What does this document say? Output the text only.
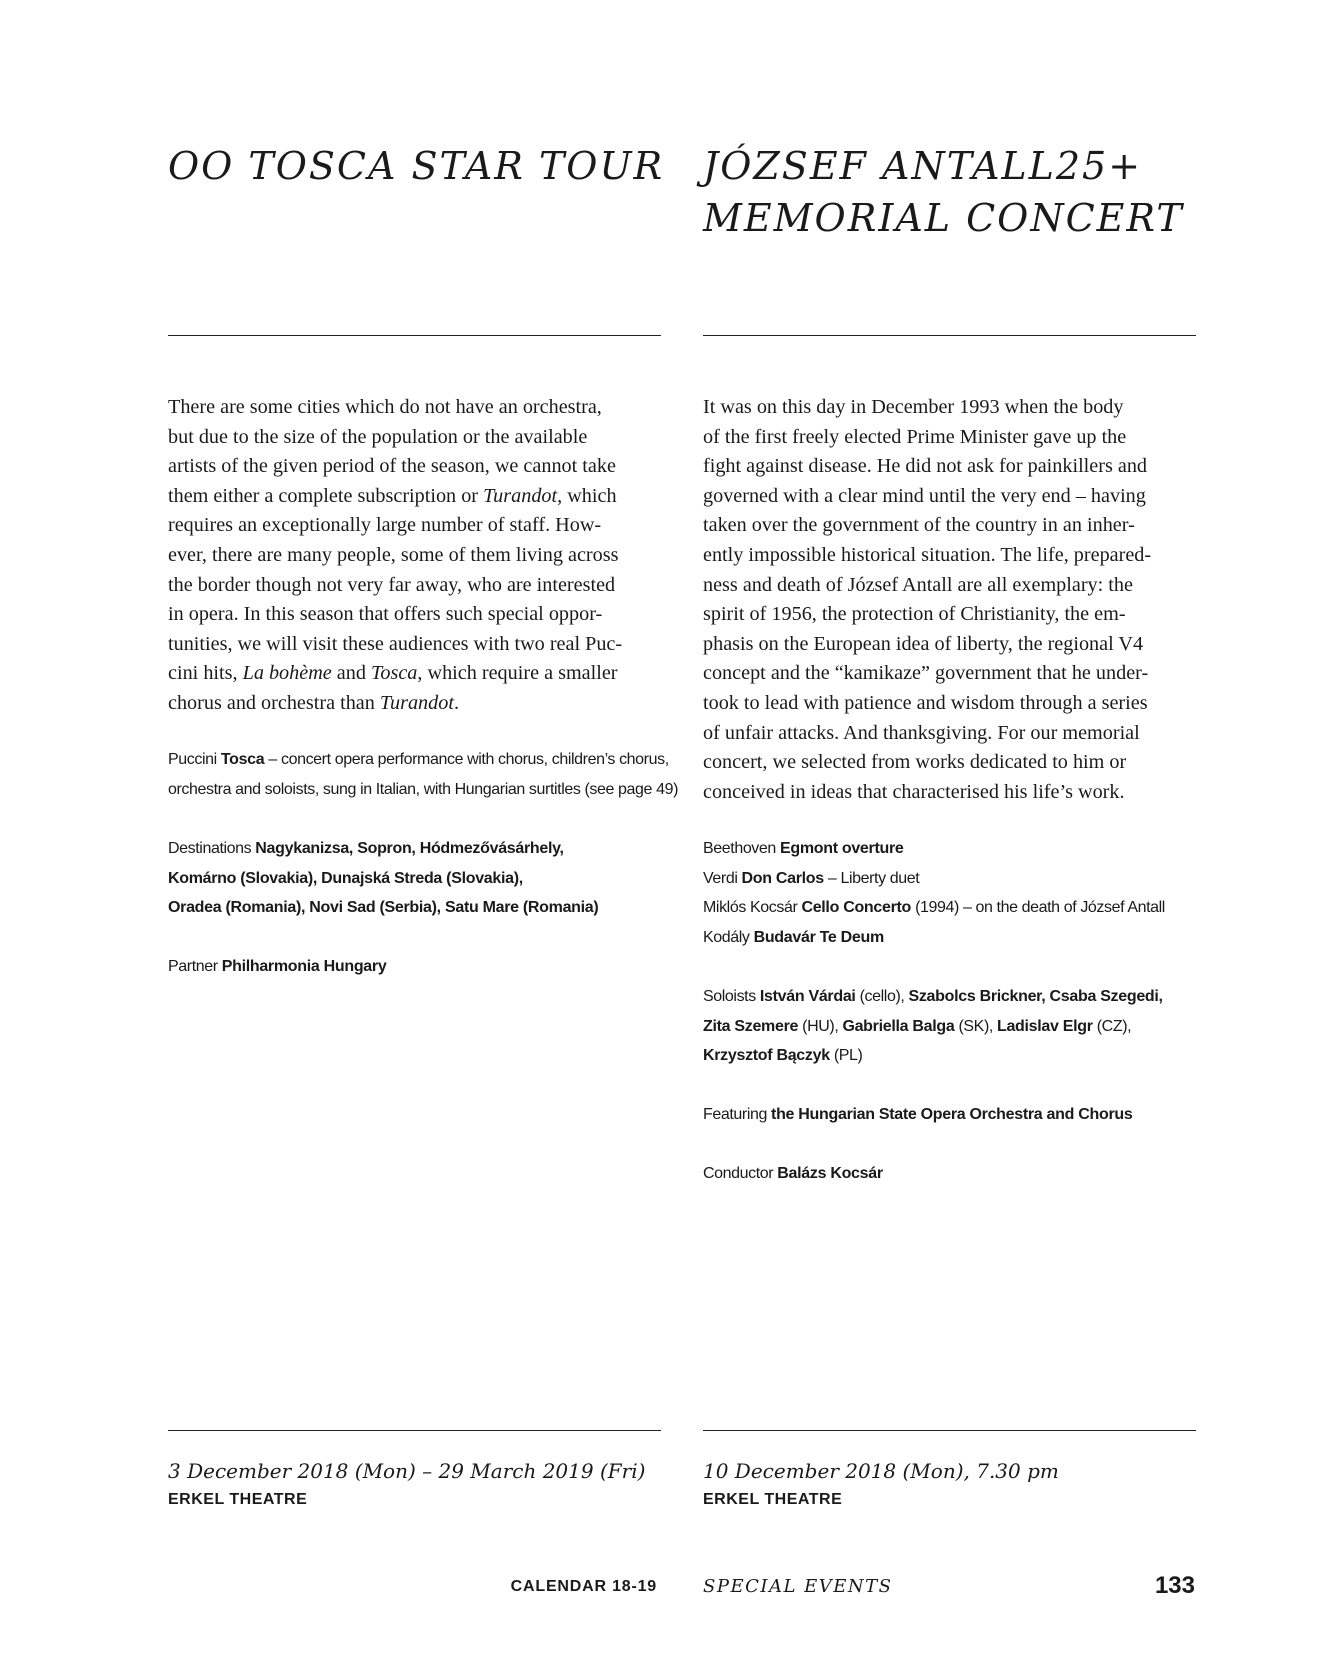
OO TOSCA STAR TOUR

There are some cities which do not have an orchestra,
but due to the size of the population or the available
artists of the given period of the season, we cannot take
them either a complete subscription or Turandot, which
requires an exceptionally large number of staff. How-
ever, there are many people, some of them living across
the border though not very far away, who are interested
in opera. In this season that offers such special oppor-
tunities, we will visit these audiences with two real Puc-
cini hits, La bohème and Tosca, which require a smaller
chorus and orchestra than Turandot.

Puccini Tosca – concert opera performance with chorus, children’s chorus,
orchestra and soloists, sung in Italian, with Hungarian surtitles (see page 49)

Destinations Nagykanizsa, Sopron, Hódmezővásárhely,
Komárno (Slovakia), Dunajská Streda (Slovakia),
Oradea (Romania), Novi Sad (Serbia), Satu Mare (Romania)

Partner Philharmonia Hungary

3 December 2018 (Mon) – 29 March 2019 (Fri)

ERKEL THEATRE

JÓZSEF ANTALL25+
MEMORIAL CONCERT

It was on this day in December 1993 when the body
of the first freely elected Prime Minister gave up the
fight against disease. He did not ask for painkillers and
governed with a clear mind until the very end – having
taken over the government of the country in an inher-
ently impossible historical situation. The life, prepared-
ness and death of József Antall are all exemplary: the
spirit of 1956, the protection of Christianity, the em-
phasis on the European idea of liberty, the regional V4
concept and the “kamikaze” government that he under-
took to lead with patience and wisdom through a series
of unfair attacks. And thanksgiving. For our memorial
concert, we selected from works dedicated to him or
conceived in ideas that characterised his life’s work.

Beethoven Egmont overture
Verdi Don Carlos – Liberty duet
Miklós Kocsár Cello Concerto (1994) – on the death of József Antall
Kodály Budavár Te Deum

Soloists István Várdai (cello), Szabolcs Brickner, Csaba Szegedi,
Zita Szemere (HU), Gabriella Balga (SK), Ladislav Elgr (CZ),
Krzysztof Bączyk (PL)

Featuring the Hungarian State Opera Orchestra and Chorus

Conductor Balázs Kocsár

10 December 2018 (Mon), 7.30 pm

ERKEL THEATRE

CALENDAR 18-19	SPECIAL EVENTS	133
